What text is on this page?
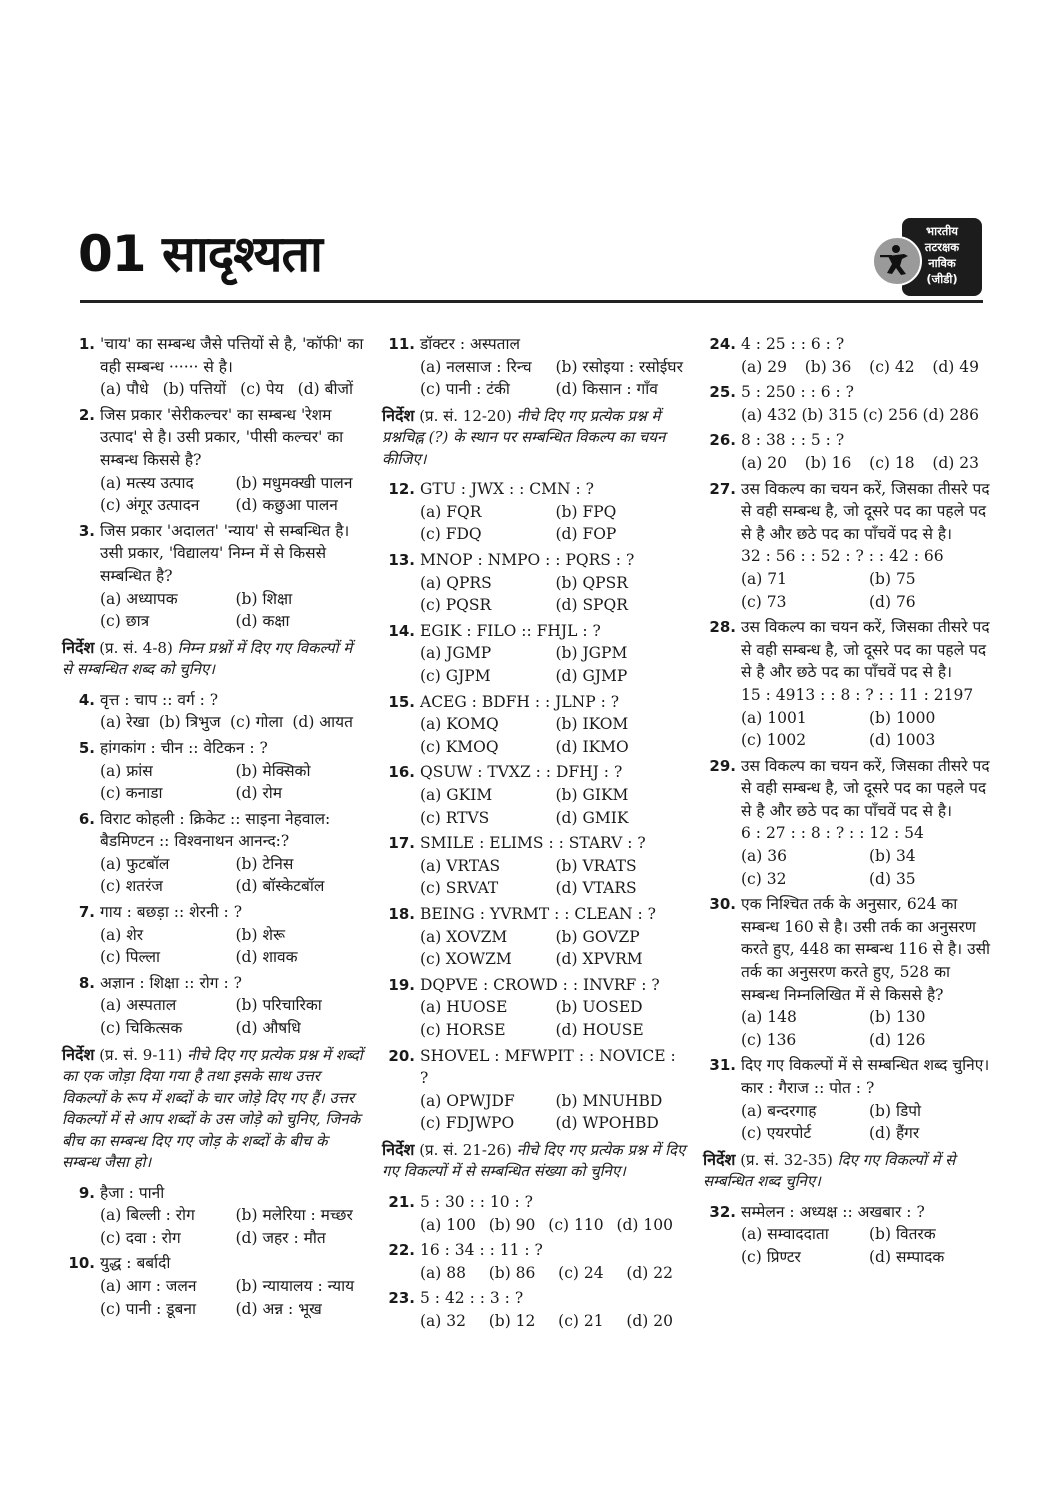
01 सादृश्यता	भारतीय
तटरक्षक
नाविक
(जीडी)
1. 'चाय' का सम्बन्ध जैसे पत्तियों से है, 'कॉफी' का वही सम्बन्ध ······ से है।
(a) पौधे (b) पत्तियों (c) पेय (d) बीजों
2. जिस प्रकार 'सेरीकल्चर' का सम्बन्ध 'रेशम उत्पाद' से है। उसी प्रकार, 'पीसी कल्चर' का सम्बन्ध किससे है?
(a) मत्स्य उत्पाद	(b) मधुमक्खी पालन
(c) अंगूर उत्पादन	(d) कछुआ पालन
3. जिस प्रकार 'अदालत' 'न्याय' से सम्बन्धित है। उसी प्रकार, 'विद्यालय' निम्न में से किससे सम्बन्धित है?
(a) अध्यापक	(b) शिक्षा
(c) छात्र	(d) कक्षा
निर्देश (प्र. सं. 4-8) निम्न प्रश्नों में दिए गए विकल्पों में से सम्बन्धित शब्द को चुनिए।
4. वृत्त : चाप :: वर्ग : ?
(a) रेखा (b) त्रिभुज (c) गोला (d) आयत
5. हांगकांग : चीन :: वेटिकन : ?
(a) फ्रांस	(b) मेक्सिको
(c) कनाडा	(d) रोम
6. विराट कोहली : क्रिकेट :: साइना नेहवाल: बैडमिण्टन :: विश्वनाथन आनन्द:?
(a) फुटबॉल	(b) टेनिस
(c) शतरंज	(d) बॉस्केटबॉल
7. गाय : बछड़ा :: शेरनी : ?
(a) शेर	(b) शेरू
(c) पिल्ला	(d) शावक
8. अज्ञान : शिक्षा :: रोग : ?
(a) अस्पताल	(b) परिचारिका
(c) चिकित्सक	(d) औषधि
निर्देश (प्र. सं. 9-11) नीचे दिए गए प्रत्येक प्रश्न में शब्दों का एक जोड़ा दिया गया है तथा इसके साथ उत्तर विकल्पों के रूप में शब्दों के चार जोड़े दिए गए हैं। उत्तर विकल्पों में से आप शब्दों के उस जोड़े को चुनिए, जिनके बीच का सम्बन्ध दिए गए जोड़ के शब्दों के बीच के सम्बन्ध जैसा हो।
9. हैजा : पानी
(a) बिल्ली : रोग	(b) मलेरिया : मच्छर
(c) दवा : रोग	(d) जहर : मौत
10. युद्ध : बर्बादी
(a) आग : जलन	(b) न्यायालय : न्याय
(c) पानी : डूबना	(d) अन्न : भूख
11. डॉक्टर : अस्पताल
(a) नलसाज : रिन्च	(b) रसोइया : रसोईघर
(c) पानी : टंकी	(d) किसान : गाँव
निर्देश (प्र. सं. 12-20) नीचे दिए गए प्रत्येक प्रश्न में प्रश्नचिह्न (?) के स्थान पर सम्बन्धित विकल्प का चयन कीजिए।
12. GTU : JWX : : CMN : ?
(a) FQR	(b) FPQ
(c) FDQ	(d) FOP
13. MNOP : NMPO : : PQRS : ?
(a) QPRS	(b) QPSR
(c) PQSR	(d) SPQR
14. EGIK : FILO :: FHJL : ?
(a) JGMP	(b) JGPM
(c) GJPM	(d) GJMP
15. ACEG : BDFH : : JLNP : ?
(a) KOMQ	(b) IKOM
(c) KMOQ	(d) IKMO
16. QSUW : TVXZ : : DFHJ : ?
(a) GKIM	(b) GIKM
(c) RTVS	(d) GMIK
17. SMILE : ELIMS : : STARV : ?
(a) VRTAS	(b) VRATS
(c) SRVAT	(d) VTARS
18. BEING : YVRMT : : CLEAN : ?
(a) XOVZM	(b) GOVZP
(c) XOWZM	(d) XPVRM
19. DQPVE : CROWD : : INVRF : ?
(a) HUOSE	(b) UOSED
(c) HORSE	(d) HOUSE
20. SHOVEL : MFWPIT : : NOVICE : ?
(a) OPWJDF	(b) MNUHBD
(c) FDJWPO	(d) WPOHBD
निर्देश (प्र. सं. 21-26) नीचे दिए गए प्रत्येक प्रश्न में दिए गए विकल्पों में से सम्बन्धित संख्या को चुनिए।
21. 5 : 30 : : 10 : ?
(a) 100 (b) 90 (c) 110 (d) 100
22. 16 : 34 : : 11 : ?
(a) 88 (b) 86 (c) 24 (d) 22
23. 5 : 42 : : 3 : ?
(a) 32 (b) 12 (c) 21 (d) 20
24. 4 : 25 : : 6 : ?
(a) 29 (b) 36 (c) 42 (d) 49
25. 5 : 250 : : 6 : ?
(a) 432 (b) 315 (c) 256 (d) 286
26. 8 : 38 : : 5 : ?
(a) 20 (b) 16 (c) 18 (d) 23
27. उस विकल्प का चयन करें, जिसका तीसरे पद से वही सम्बन्ध है, जो दूसरे पद का पहले पद से है और छठे पद का पाँचवें पद से है।
32 : 56 : : 52 : ? : : 42 : 66
(a) 71	(b) 75
(c) 73	(d) 76
28. उस विकल्प का चयन करें, जिसका तीसरे पद से वही सम्बन्ध है, जो दूसरे पद का पहले पद से है और छठे पद का पाँचवें पद से है।
15 : 4913 : : 8 : ? : : 11 : 2197
(a) 1001	(b) 1000
(c) 1002	(d) 1003
29. उस विकल्प का चयन करें, जिसका तीसरे पद से वही सम्बन्ध है, जो दूसरे पद का पहले पद से है और छठे पद का पाँचवें पद से है।
6 : 27 : : 8 : ? : : 12 : 54
(a) 36	(b) 34
(c) 32	(d) 35
30. एक निश्चित तर्क के अनुसार, 624 का सम्बन्ध 160 से है। उसी तर्क का अनुसरण करते हुए, 448 का सम्बन्ध 116 से है। उसी तर्क का अनुसरण करते हुए, 528 का सम्बन्ध निम्नलिखित में से किससे है?
(a) 148	(b) 130
(c) 136	(d) 126
31. दिए गए विकल्पों में से सम्बन्धित शब्द चुनिए।
कार : गैराज :: पोत : ?
(a) बन्दरगाह	(b) डिपो
(c) एयरपोर्ट	(d) हैंगर
निर्देश (प्र. सं. 32-35) दिए गए विकल्पों में से सम्बन्धित शब्द चुनिए।
32. सम्मेलन : अध्यक्ष :: अखबार : ?
(a) सम्वाददाता	(b) वितरक
(c) प्रिण्टर	(d) सम्पादक
